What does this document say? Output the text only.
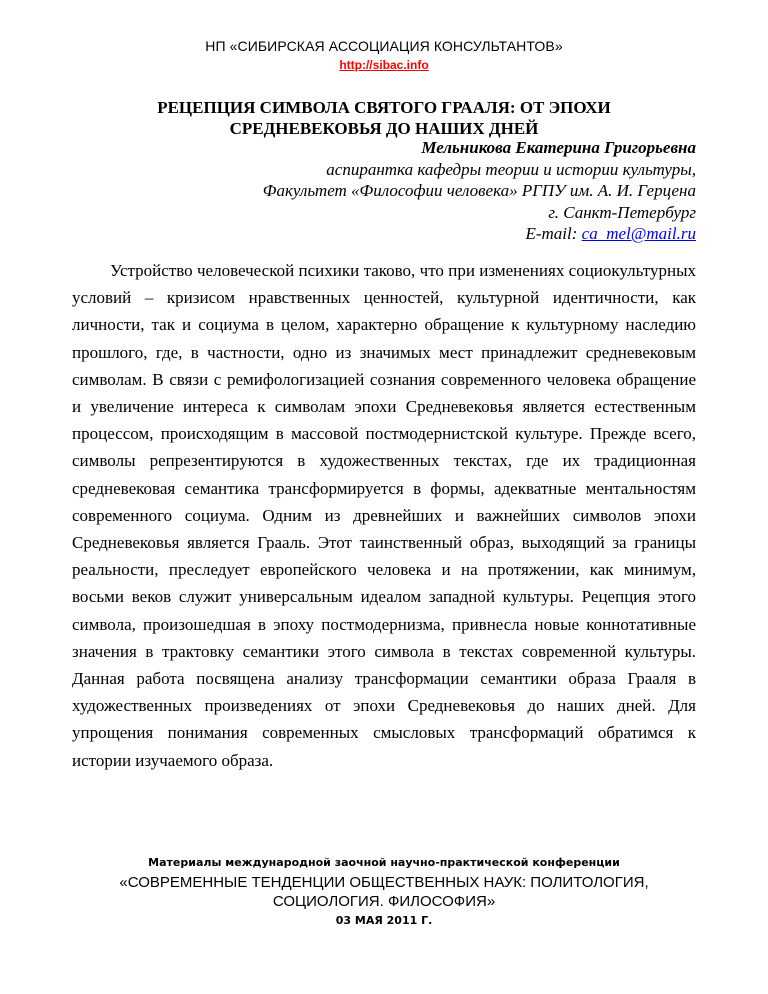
НП «СИБИРСКАЯ АССОЦИАЦИЯ КОНСУЛЬТАНТОВ»
http://sibac.info
РЕЦЕПЦИЯ СИМВОЛА СВЯТОГО ГРААЛЯ: ОТ ЭПОХИ СРЕДНЕВЕКОВЬЯ ДО НАШИХ ДНЕЙ
Мельникова Екатерина Григорьевна
аспирантка кафедры теории и истории культуры,
Факультет «Философии человека» РГПУ им. А. И. Герцена
г. Санкт-Петербург
E-mail: ca_mel@mail.ru

Устройство человеческой психики таково, что при изменениях социокультурных условий – кризисом нравственных ценностей, культурной идентичности, как личности, так и социума в целом, характерно обращение к культурному наследию прошлого, где, в частности, одно из значимых мест принадлежит средневековым символам. В связи с ремифологизацией сознания современного человека обращение и увеличение интереса к символам эпохи Средневековья является естественным процессом, происходящим в массовой постмодернистской культуре. Прежде всего, символы репрезентируются в художественных текстах, где их традиционная средневековая семантика трансформируется в формы, адекватные ментальностям современного социума. Одним из древнейших и важнейших символов эпохи Средневековья является Грааль. Этот таинственный образ, выходящий за границы реальности, преследует европейского человека и на протяжении, как минимум, восьми веков служит универсальным идеалом западной культуры. Рецепция этого символа, произошедшая в эпоху постмодернизма, привнесла новые коннотативные значения в трактовку семантики этого символа в текстах современной культуры. Данная работа посвящена анализу трансформации семантики образа Грааля в художественных произведениях от эпохи Средневековья до наших дней. Для упрощения понимания современных смысловых трансформаций обратимся к истории изучаемого образа.

Материалы международной заочной научно-практической конференции
«СОВРЕМЕННЫЕ ТЕНДЕНЦИИ ОБЩЕСТВЕННЫХ НАУК: ПОЛИТОЛОГИЯ, СОЦИОЛОГИЯ. ФИЛОСОФИЯ»
03 МАЯ 2011 Г.
